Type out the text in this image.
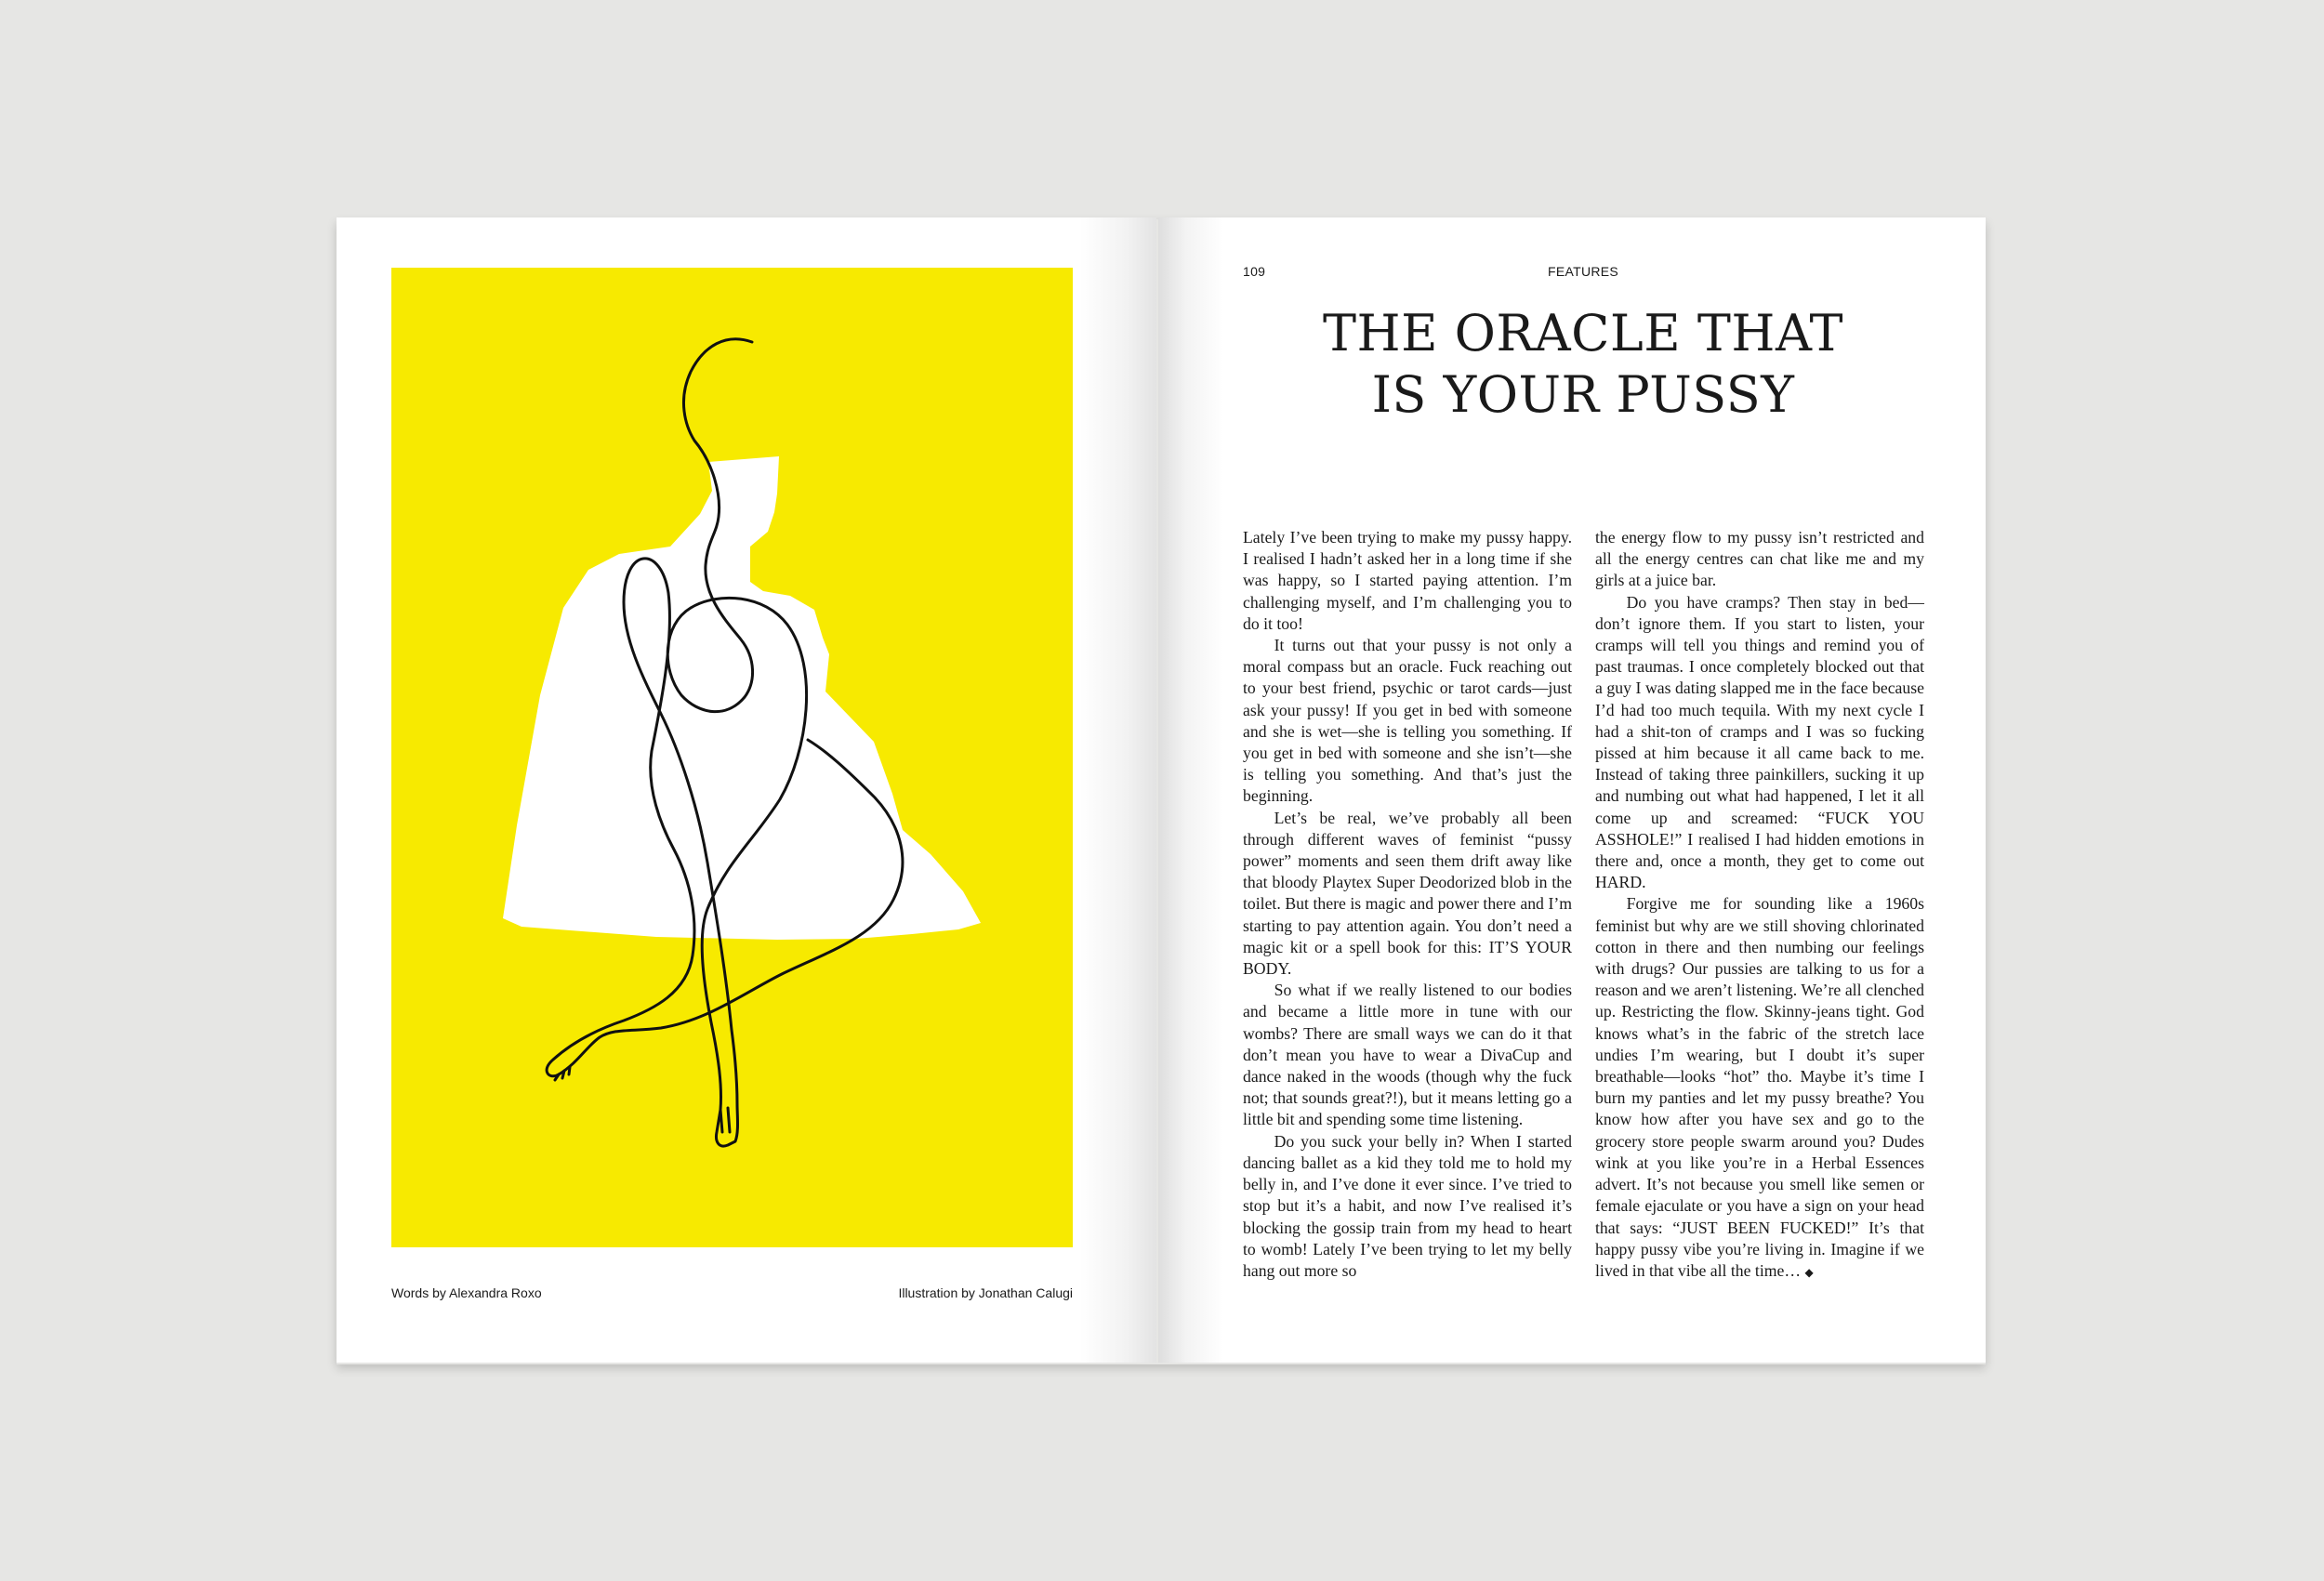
Words by Alexandra Roxo	Illustration by Jonathan Calugi
109	FEATURES
THE ORACLE THAT
IS YOUR PUSSY

Lately I’ve been trying to make my pussy happy. I realised I hadn’t asked her in a long time if she was happy, so I started paying attention. I’m challenging myself, and I’m challenging you to do it too!

It turns out that your pussy is not only a moral compass but an oracle. Fuck reaching out to your best friend, psychic or tarot cards—just ask your pussy! If you get in bed with someone and she is wet—she is telling you something. If you get in bed with someone and she isn’t—she is telling you something. And that’s just the beginning.

Let’s be real, we’ve probably all been through different waves of feminist “pussy power” moments and seen them drift away like that bloody Playtex Super Deodorized blob in the toilet. But there is magic and power there and I’m starting to pay attention again. You don’t need a magic kit or a spell book for this: IT’S YOUR BODY.

So what if we really listened to our bodies and became a little more in tune with our wombs? There are small ways we can do it that don’t mean you have to wear a DivaCup and dance naked in the woods (though why the fuck not; that sounds great?!), but it means letting go a little bit and spending some time listening.

Do you suck your belly in? When I started dancing ballet as a kid they told me to hold my belly in, and I’ve done it ever since. I’ve tried to stop but it’s a habit, and now I’ve realised it’s blocking the gossip train from my head to heart to womb! Lately I’ve been trying to let my belly hang out more so

the energy flow to my pussy isn’t restricted and all the energy centres can chat like me and my girls at a juice bar.

Do you have cramps? Then stay in bed—don’t ignore them. If you start to listen, your cramps will tell you things and remind you of past traumas. I once completely blocked out that a guy I was dating slapped me in the face because I’d had too much tequila. With my next cycle I had a shit-ton of cramps and I was so fucking pissed at him because it all came back to me. Instead of taking three painkillers, sucking it up and numbing out what had happened, I let it all come up and screamed: “FUCK YOU ASSHOLE!” I realised I had hidden emotions in there and, once a month, they get to come out HARD.

Forgive me for sounding like a 1960s feminist but why are we still shoving chlorinated cotton in there and then numbing our feelings with drugs? Our pussies are talking to us for a reason and we aren’t listening. We’re all clenched up. Restricting the flow. Skinny-jeans tight. God knows what’s in the fabric of the stretch lace undies I’m wearing, but I doubt it’s super breathable—looks “hot” tho. Maybe it’s time I burn my panties and let my pussy breathe? You know how after you have sex and go to the grocery store people swarm around you? Dudes wink at you like you’re in a Herbal Essences advert. It’s not because you smell like semen or female ejaculate or you have a sign on your head that says: “JUST BEEN FUCKED!” It’s that happy pussy vibe you’re living in. Imagine if we lived in that vibe all the time… ◆
